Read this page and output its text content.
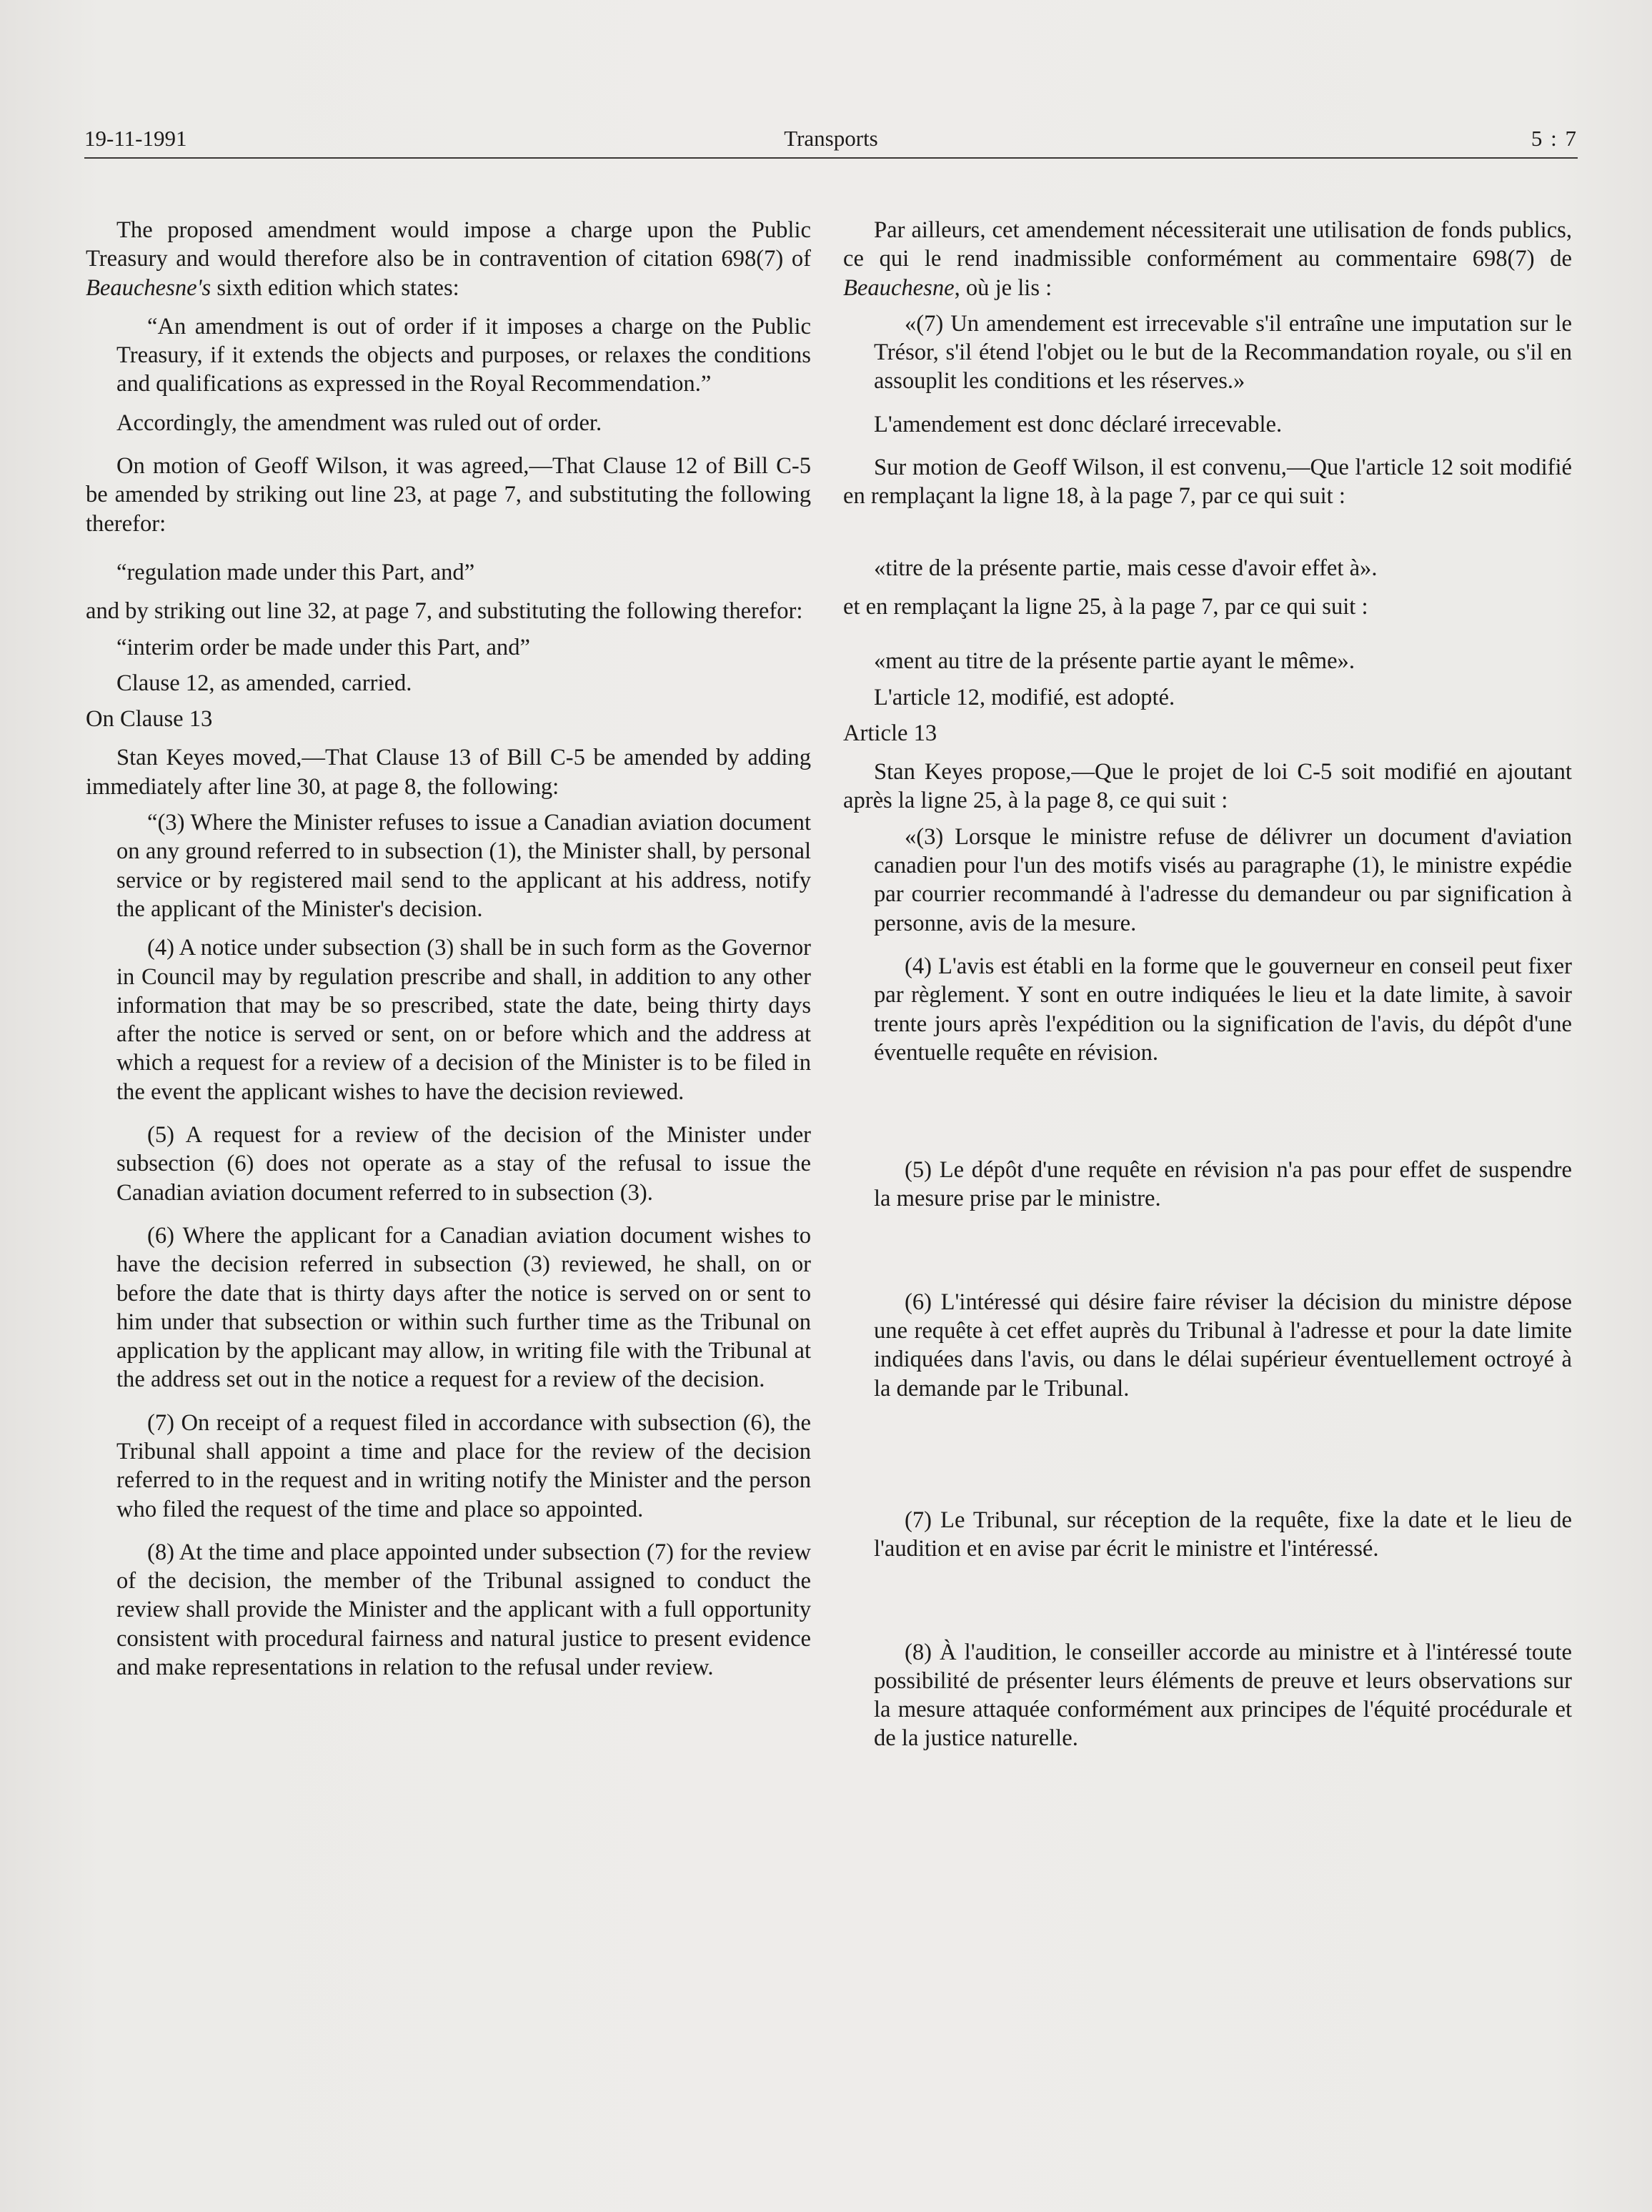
19-11-1991	Transports	5 : 7

The proposed amendment would impose a charge upon the Public Treasury and would therefore also be in contravention of citation 698(7) of Beauchesne's sixth edition which states:

“An amendment is out of order if it imposes a charge on the Public Treasury, if it extends the objects and purposes, or relaxes the conditions and qualifications as expressed in the Royal Recommendation.”

Accordingly, the amendment was ruled out of order.

On motion of Geoff Wilson, it was agreed,—That Clause 12 of Bill C-5 be amended by striking out line 23, at page 7, and substituting the following therefor:

“regulation made under this Part, and”

and by striking out line 32, at page 7, and substituting the following therefor:

“interim order be made under this Part, and”

Clause 12, as amended, carried.

On Clause 13

Stan Keyes moved,—That Clause 13 of Bill C-5 be amended by adding immediately after line 30, at page 8, the following:

“(3) Where the Minister refuses to issue a Canadian aviation document on any ground referred to in subsection (1), the Minister shall, by personal service or by registered mail send to the applicant at his address, notify the applicant of the Minister's decision.

(4) A notice under subsection (3) shall be in such form as the Governor in Council may by regulation prescribe and shall, in addition to any other information that may be so prescribed, state the date, being thirty days after the notice is served or sent, on or before which and the address at which a request for a review of a decision of the Minister is to be filed in the event the applicant wishes to have the decision reviewed.

(5) A request for a review of the decision of the Minister under subsection (6) does not operate as a stay of the refusal to issue the Canadian aviation document referred to in subsection (3).

(6) Where the applicant for a Canadian aviation document wishes to have the decision referred in subsection (3) reviewed, he shall, on or before the date that is thirty days after the notice is served on or sent to him under that subsection or within such further time as the Tribunal on application by the applicant may allow, in writing file with the Tribunal at the address set out in the notice a request for a review of the decision.

(7) On receipt of a request filed in accordance with subsection (6), the Tribunal shall appoint a time and place for the review of the decision referred to in the request and in writing notify the Minister and the person who filed the request of the time and place so appointed.

(8) At the time and place appointed under subsection (7) for the review of the decision, the member of the Tribunal assigned to conduct the review shall provide the Minister and the applicant with a full opportunity consistent with procedural fairness and natural justice to present evidence and make representations in relation to the refusal under review.

Par ailleurs, cet amendement nécessiterait une utilisation de fonds publics, ce qui le rend inadmissible conformément au commentaire 698(7) de Beauchesne, où je lis :

«(7) Un amendement est irrecevable s'il entraîne une imputation sur le Trésor, s'il étend l'objet ou le but de la Recommandation royale, ou s'il en assouplit les conditions et les réserves.»

L'amendement est donc déclaré irrecevable.

Sur motion de Geoff Wilson, il est convenu,—Que l'article 12 soit modifié en remplaçant la ligne 18, à la page 7, par ce qui suit :

«titre de la présente partie, mais cesse d'avoir effet à».

et en remplaçant la ligne 25, à la page 7, par ce qui suit :

«ment au titre de la présente partie ayant le même».

L'article 12, modifié, est adopté.

Article 13

Stan Keyes propose,—Que le projet de loi C-5 soit modifié en ajoutant après la ligne 25, à la page 8, ce qui suit :

«(3) Lorsque le ministre refuse de délivrer un document d'aviation canadien pour l'un des motifs visés au paragraphe (1), le ministre expédie par courrier recommandé à l'adresse du demandeur ou par signification à personne, avis de la mesure.

(4) L'avis est établi en la forme que le gouverneur en conseil peut fixer par règlement. Y sont en outre indiquées le lieu et la date limite, à savoir trente jours après l'expédition ou la signification de l'avis, du dépôt d'une éventuelle requête en révision.

(5) Le dépôt d'une requête en révision n'a pas pour effet de suspendre la mesure prise par le ministre.

(6) L'intéressé qui désire faire réviser la décision du ministre dépose une requête à cet effet auprès du Tribunal à l'adresse et pour la date limite indiquées dans l'avis, ou dans le délai supérieur éventuellement octroyé à la demande par le Tribunal.

(7) Le Tribunal, sur réception de la requête, fixe la date et le lieu de l'audition et en avise par écrit le ministre et l'intéressé.

(8) À l'audition, le conseiller accorde au ministre et à l'intéressé toute possibilité de présenter leurs éléments de preuve et leurs observations sur la mesure attaquée conformément aux principes de l'équité procédurale et de la justice naturelle.
